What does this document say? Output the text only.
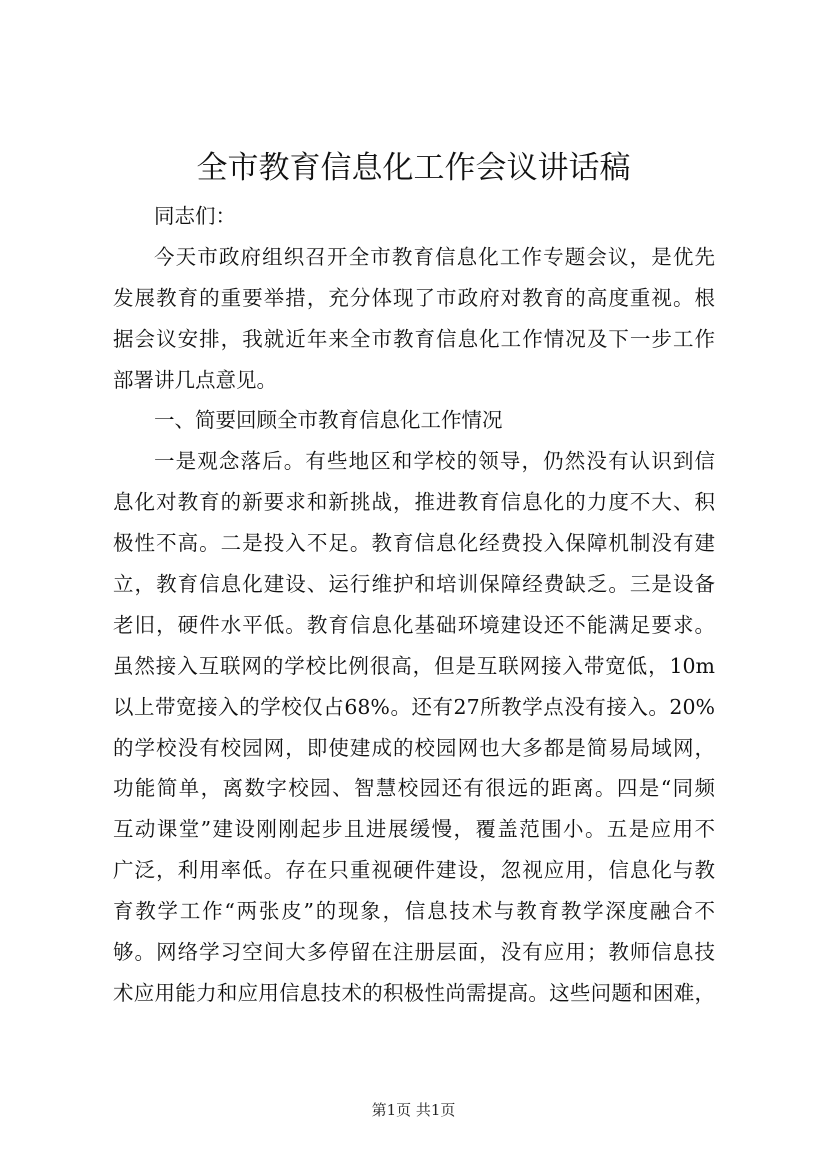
全市教育信息化工作会议讲话稿
同志们：
今天市政府组织召开全市教育信息化工作专题会议，是优先
发展教育的重要举措，充分体现了市政府对教育的高度重视。根
据会议安排，我就近年来全市教育信息化工作情况及下一步工作
部署讲几点意见。
一、简要回顾全市教育信息化工作情况
一是观念落后。有些地区和学校的领导，仍然没有认识到信
息化对教育的新要求和新挑战，推进教育信息化的力度不大、积
极性不高。二是投入不足。教育信息化经费投入保障机制没有建
立，教育信息化建设、运行维护和培训保障经费缺乏。三是设备
老旧，硬件水平低。教育信息化基础环境建设还不能满足要求。
虽然接入互联网的学校比例很高，但是互联网接入带宽低，10m
以上带宽接入的学校仅占68%。还有27所教学点没有接入。20%
的学校没有校园网，即使建成的校园网也大多都是简易局域网，
功能简单，离数字校园、智慧校园还有很远的距离。四是“同频
互动课堂”建设刚刚起步且进展缓慢，覆盖范围小。五是应用不
广泛，利用率低。存在只重视硬件建设，忽视应用，信息化与教
育教学工作“两张皮”的现象，信息技术与教育教学深度融合不
够。网络学习空间大多停留在注册层面，没有应用；教师信息技
术应用能力和应用信息技术的积极性尚需提高。这些问题和困难，
第1页 共1页
